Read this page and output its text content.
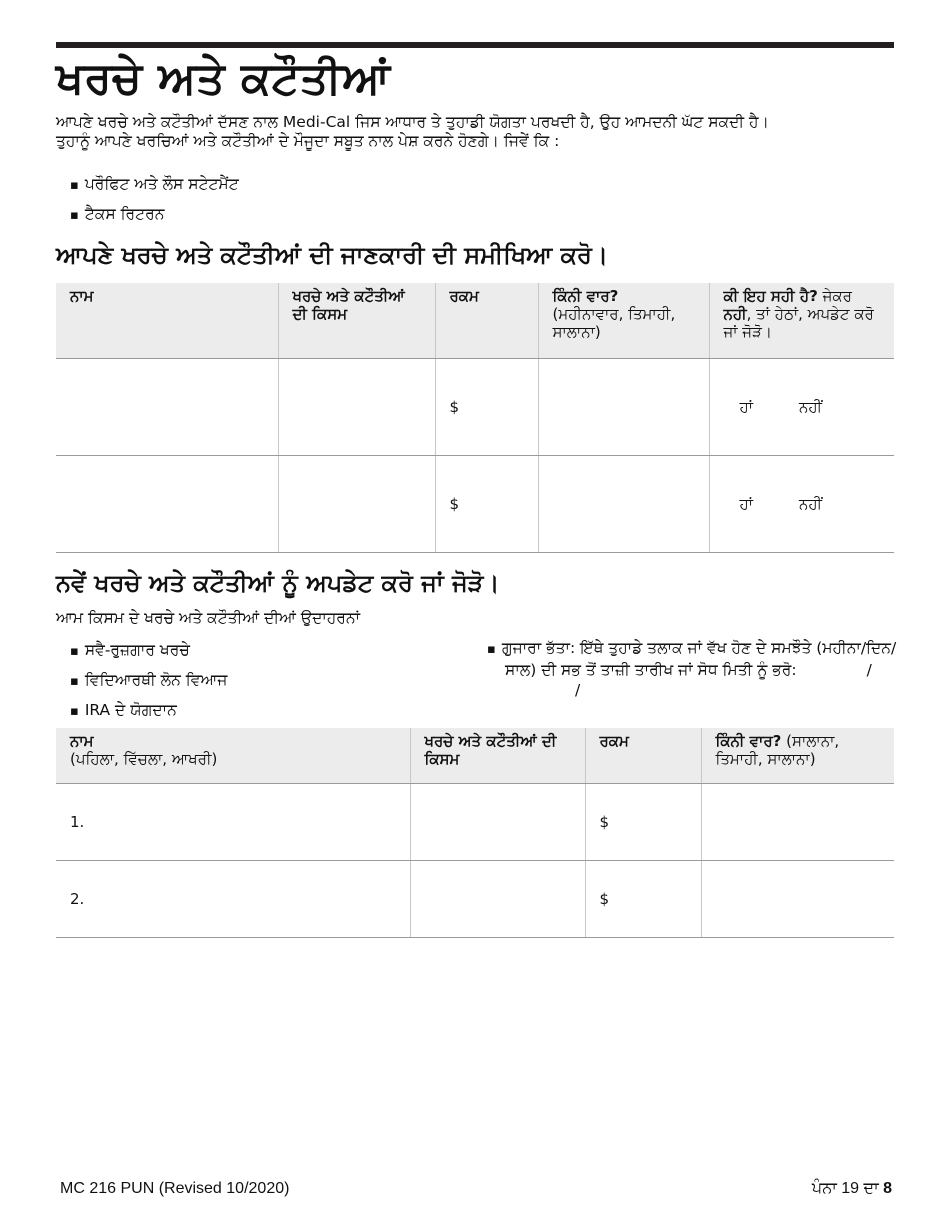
ਖਰਚੇ ਅਤੇ ਕਟੌਤੀਆਂ
ਆਪਣੇ ਖਰਚੇ ਅਤੇ ਕਟੌਤੀਆਂ ਦੱਸਣ ਨਾਲ Medi-Cal ਜਿਸ ਆਧਾਰ ਤੇ ਤੁਹਾਡੀ ਯੋਗਤਾ ਪਰਖਦੀ ਹੈ, ਉਹ ਆਮਦਨੀ ਘੱਟ ਸਕਦੀ ਹੈ।
ਤੁਹਾਨੂੰ ਆਪਣੇ ਖਰਚਿਆਂ ਅਤੇ ਕਟੌਤੀਆਂ ਦੇ ਮੌਜੂਦਾ ਸਬੂਤ ਨਾਲ ਪੇਸ਼ ਕਰਨੇ ਹੋਣਗੇ। ਜਿਵੇਂ ਕਿ :
▪ ਪਰੌਫਿਟ ਅਤੇ ਲੌਸ ਸਟੇਟਮੈਂਟ
▪ ਟੈਕਸ ਰਿਟਰਨ
ਆਪਣੇ ਖਰਚੇ ਅਤੇ ਕਟੌਤੀਆਂ ਦੀ ਜਾਣਕਾਰੀ ਦੀ ਸਮੀਖਿਆ ਕਰੋ।
ਨਾਮ	ਖਰਚੇ ਅਤੇ ਕਟੌਤੀਆਂ ਦੀ ਕਿਸਮ	ਰਕਮ	ਕਿੰਨੀ ਵਾਰ?
(ਮਹੀਨਾਵਾਰ, ਤਿਮਾਹੀ, ਸਾਲਾਨਾ)	ਕੀ ਇਹ ਸਹੀ ਹੈ? ਜੇਕਰ ਨਹੀ, ਤਾਂ ਹੇਠਾਂ, ਅਪਡੇਟ ਕਰੋ ਜਾਂ ਜੋੜੋ।
		$		ਹਾਂ ਨਹੀਂ
		$		ਹਾਂ ਨਹੀਂ
ਨਵੇਂ ਖਰਚੇ ਅਤੇ ਕਟੌਤੀਆਂ ਨੂੰ ਅਪਡੇਟ ਕਰੋ ਜਾਂ ਜੋੜੋ।
ਆਮ ਕਿਸਮ ਦੇ ਖਰਚੇ ਅਤੇ ਕਟੌਤੀਆਂ ਦੀਆਂ ਉਦਾਹਰਨਾਂ
▪ ਸਵੈ-ਰੁਜ਼ਗਾਰ ਖਰਚੇ
▪ ਵਿਦਿਆਰਥੀ ਲੋਨ ਵਿਆਜ
▪ IRA ਦੇ ਯੋਗਦਾਨ
▪ ਗੁਜਾਰਾ ਭੱਤਾ: ਇੱਥੇ ਤੁਹਾਡੇ ਤਲਾਕ ਜਾਂ ਵੱਖ ਹੋਣ ਦੇ ਸਮਝੌਤੇ (ਮਹੀਨਾ/ਦਿਨ/ਸਾਲ) ਦੀ ਸਭ ਤੋਂ ਤਾਜ਼ੀ ਤਾਰੀਖ ਜਾਂ ਸੋਧ ਮਿਤੀ ਨੂੰ ਭਰੋ:	//
ਨਾਮ
(ਪਹਿਲਾ, ਵਿੱਚਲਾ, ਆਖਰੀ)	ਖਰਚੇ ਅਤੇ ਕਟੌਤੀਆਂ ਦੀ ਕਿਸਮ	ਰਕਮ	ਕਿੰਨੀ ਵਾਰ? (ਸਾਲਾਨਾ, ਤਿਮਾਹੀ, ਸਾਲਾਨਾ)
1.		$	
2.		$	
MC 216 PUN (Revised 10/2020)	ਪੰਨਾ 19 ਦਾ 8
